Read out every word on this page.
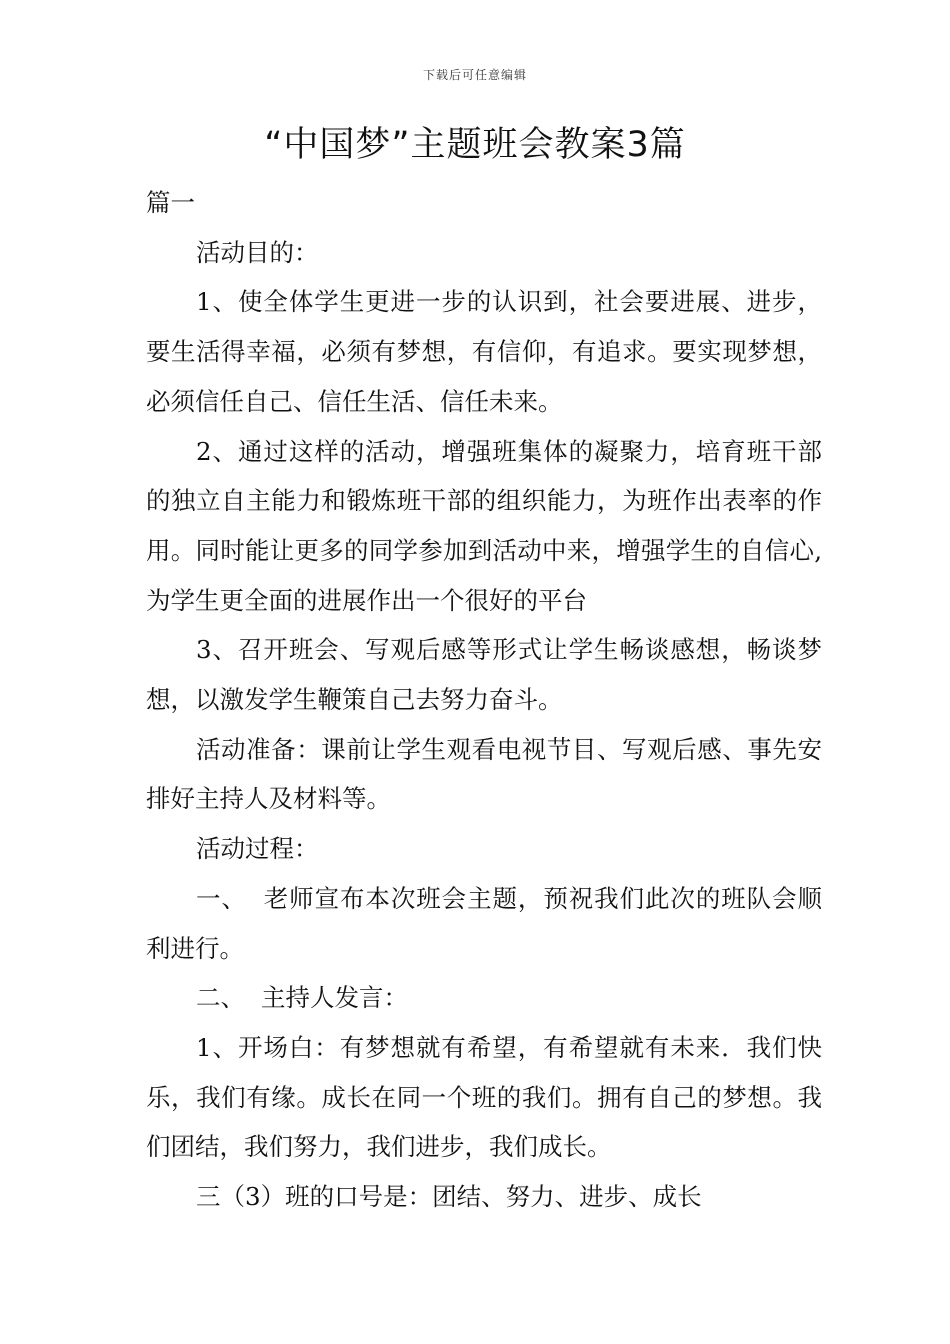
下载后可任意编辑
“中国梦”主题班会教案3篇

篇一

活动目的：

1、使全体学生更进一步的认识到，社会要进展、进步，要生活得幸福，必须有梦想，有信仰，有追求。要实现梦想，必须信任自己、信任生活、信任未来。

2、通过这样的活动，增强班集体的凝聚力，培育班干部的独立自主能力和锻炼班干部的组织能力，为班作出表率的作用。同时能让更多的同学参加到活动中来，增强学生的自信心,为学生更全面的进展作出一个很好的平台

3、召开班会、写观后感等形式让学生畅谈感想，畅谈梦想，以激发学生鞭策自己去努力奋斗。

活动准备：课前让学生观看电视节目、写观后感、事先安排好主持人及材料等。

活动过程：

一、 老师宣布本次班会主题，预祝我们此次的班队会顺利进行。

二、 主持人发言：

1、开场白：有梦想就有希望，有希望就有未来．我们快乐，我们有缘。成长在同一个班的我们。拥有自己的梦想。我们团结，我们努力，我们进步，我们成长。

三（3）班的口号是：团结、努力、进步、成长
